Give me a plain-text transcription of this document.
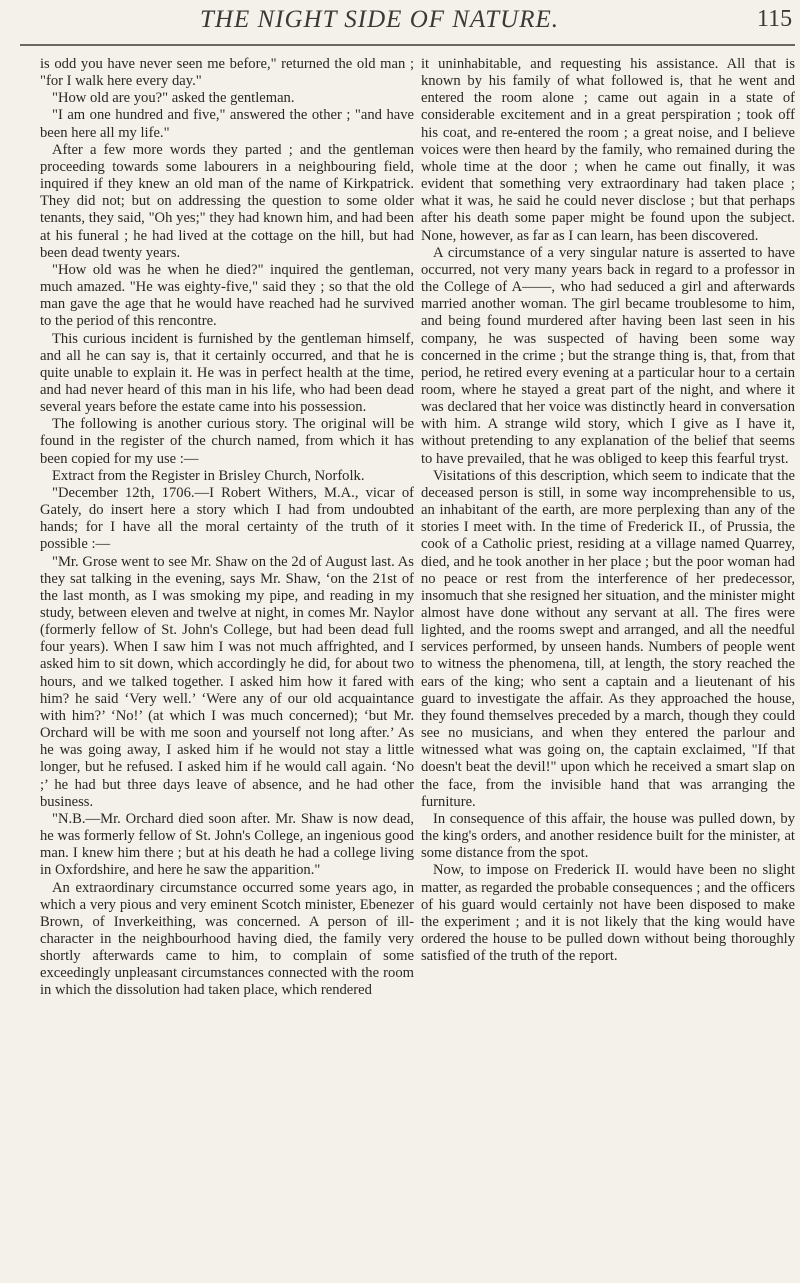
THE NIGHT SIDE OF NATURE.	115

is odd you have never seen me before," returned the old man ; "for I walk here every day."

"How old are you?" asked the gentleman.

"I am one hundred and five," answered the other ; "and have been here all my life."

After a few more words they parted ; and the gentleman proceeding towards some labourers in a neighbouring field, inquired if they knew an old man of the name of Kirkpatrick. They did not; but on addressing the question to some older tenants, they said, "Oh yes;" they had known him, and had been at his funeral ; he had lived at the cottage on the hill, but had been dead twenty years.

"How old was he when he died?" inquired the gentleman, much amazed. "He was eighty-five," said they ; so that the old man gave the age that he would have reached had he survived to the period of this rencontre.

This curious incident is furnished by the gentleman himself, and all he can say is, that it certainly occurred, and that he is quite unable to explain it. He was in perfect health at the time, and had never heard of this man in his life, who had been dead several years before the estate came into his possession.

The following is another curious story. The original will be found in the register of the church named, from which it has been copied for my use :—

Extract from the Register in Brisley Church, Norfolk.

"December 12th, 1706.—I Robert Withers, M.A., vicar of Gately, do insert here a story which I had from undoubted hands; for I have all the moral certainty of the truth of it possible :—

"Mr. Grose went to see Mr. Shaw on the 2d of August last. As they sat talking in the evening, says Mr. Shaw, ‘on the 21st of the last month, as I was smoking my pipe, and reading in my study, between eleven and twelve at night, in comes Mr. Naylor (formerly fellow of St. John's College, but had been dead full four years). When I saw him I was not much affrighted, and I asked him to sit down, which accordingly he did, for about two hours, and we talked together. I asked him how it fared with him? he said ‘Very well.’ ‘Were any of our old acquaintance with him?’ ‘No!’ (at which I was much concerned); ‘but Mr. Orchard will be with me soon and yourself not long after.’ As he was going away, I asked him if he would not stay a little longer, but he refused. I asked him if he would call again. ‘No ;’ he had but three days leave of absence, and he had other business.

"N.B.—Mr. Orchard died soon after. Mr. Shaw is now dead, he was formerly fellow of St. John's College, an ingenious good man. I knew him there ; but at his death he had a college living in Oxfordshire, and here he saw the apparition."

An extraordinary circumstance occurred some years ago, in which a very pious and very eminent Scotch minister, Ebenezer Brown, of Inverkeithing, was concerned. A person of ill-character in the neighbourhood having died, the family very shortly afterwards came to him, to complain of some exceedingly unpleasant circumstances connected with the room in which the dissolution had taken place, which rendered

it uninhabitable, and requesting his assistance. All that is known by his family of what followed is, that he went and entered the room alone ; came out again in a state of considerable excitement and in a great perspiration ; took off his coat, and re-entered the room ; a great noise, and I believe voices were then heard by the family, who remained during the whole time at the door ; when he came out finally, it was evident that something very extraordinary had taken place ; what it was, he said he could never disclose ; but that perhaps after his death some paper might be found upon the subject. None, however, as far as I can learn, has been discovered.

A circumstance of a very singular nature is asserted to have occurred, not very many years back in regard to a professor in the College of A——, who had seduced a girl and afterwards married another woman. The girl became troublesome to him, and being found murdered after having been last seen in his company, he was suspected of having been some way concerned in the crime ; but the strange thing is, that, from that period, he retired every evening at a particular hour to a certain room, where he stayed a great part of the night, and where it was declared that her voice was distinctly heard in conversation with him. A strange wild story, which I give as I have it, without pretending to any explanation of the belief that seems to have prevailed, that he was obliged to keep this fearful tryst.

Visitations of this description, which seem to indicate that the deceased person is still, in some way incomprehensible to us, an inhabitant of the earth, are more perplexing than any of the stories I meet with. In the time of Frederick II., of Prussia, the cook of a Catholic priest, residing at a village named Quarrey, died, and he took another in her place ; but the poor woman had no peace or rest from the interference of her predecessor, insomuch that she resigned her situation, and the minister might almost have done without any servant at all. The fires were lighted, and the rooms swept and arranged, and all the needful services performed, by unseen hands. Numbers of people went to witness the phenomena, till, at length, the story reached the ears of the king; who sent a captain and a lieutenant of his guard to investigate the affair. As they approached the house, they found themselves preceded by a march, though they could see no musicians, and when they entered the parlour and witnessed what was going on, the captain exclaimed, "If that doesn't beat the devil!" upon which he received a smart slap on the face, from the invisible hand that was arranging the furniture.

In consequence of this affair, the house was pulled down, by the king's orders, and another residence built for the minister, at some distance from the spot.

Now, to impose on Frederick II. would have been no slight matter, as regarded the probable consequences ; and the officers of his guard would certainly not have been disposed to make the experiment ; and it is not likely that the king would have ordered the house to be pulled down without being thoroughly satisfied of the truth of the report.
